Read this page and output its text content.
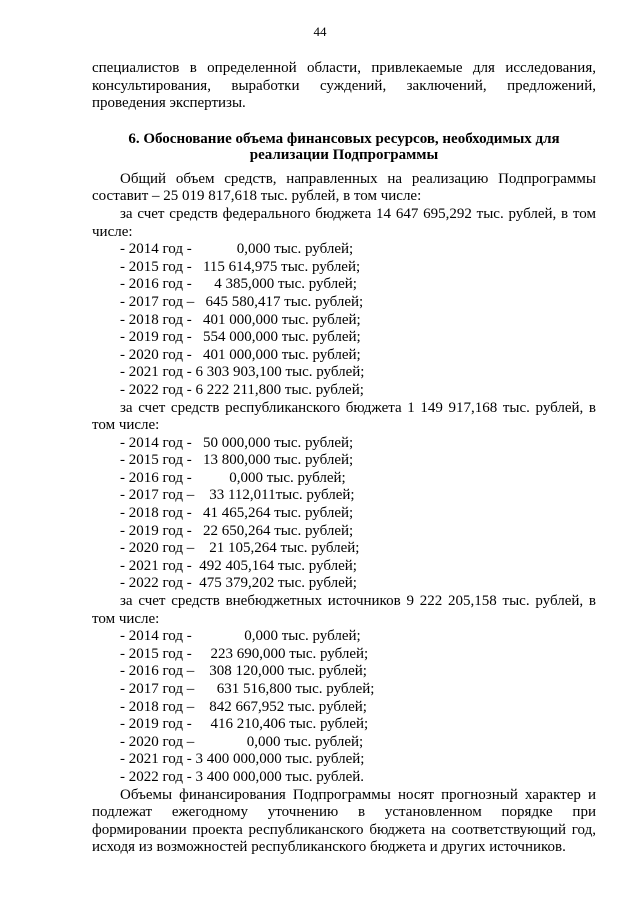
44

специалистов в определенной области, привлекаемые для исследования, консультирования, выработки суждений, заключений, предложений, проведения экспертизы.

6. Обоснование объема финансовых ресурсов, необходимых для реализации Подпрограммы

Общий объем средств, направленных на реализацию Подпрограммы составит – 25 019 817,618 тыс. рублей, в том числе:

за счет средств федерального бюджета 14 647 695,292 тыс. рублей, в том числе:

- 2014 год -            0,000 тыс. рублей;
- 2015 год -   115 614,975 тыс. рублей;
- 2016 год -      4 385,000 тыс. рублей;
- 2017 год –   645 580,417 тыс. рублей;
- 2018 год -   401 000,000 тыс. рублей;
- 2019 год -   554 000,000 тыс. рублей;
- 2020 год -   401 000,000 тыс. рублей;
- 2021 год - 6 303 903,100 тыс. рублей;
- 2022 год - 6 222 211,800 тыс. рублей;

за счет средств республиканского бюджета 1 149 917,168 тыс. рублей, в том числе:

- 2014 год -   50 000,000 тыс. рублей;
- 2015 год -   13 800,000 тыс. рублей;
- 2016 год -          0,000 тыс. рублей;
- 2017 год –    33 112,011тыс. рублей;
- 2018 год -   41 465,264 тыс. рублей;
- 2019 год -   22 650,264 тыс. рублей;
- 2020 год –    21 105,264 тыс. рублей;
- 2021 год -  492 405,164 тыс. рублей;
- 2022 год -  475 379,202 тыс. рублей;

за счет средств внебюджетных источников 9 222 205,158 тыс. рублей, в том числе:

- 2014 год -              0,000 тыс. рублей;
- 2015 год -     223 690,000 тыс. рублей;
- 2016 год –    308 120,000 тыс. рублей;
- 2017 год –      631 516,800 тыс. рублей;
- 2018 год –    842 667,952 тыс. рублей;
- 2019 год -     416 210,406 тыс. рублей;
- 2020 год –              0,000 тыс. рублей;
- 2021 год - 3 400 000,000 тыс. рублей;
- 2022 год - 3 400 000,000 тыс. рублей.

Объемы финансирования Подпрограммы носят прогнозный характер и подлежат ежегодному уточнению в установленном порядке при формировании проекта республиканского бюджета на соответствующий год, исходя из возможностей республиканского бюджета и других источников.
